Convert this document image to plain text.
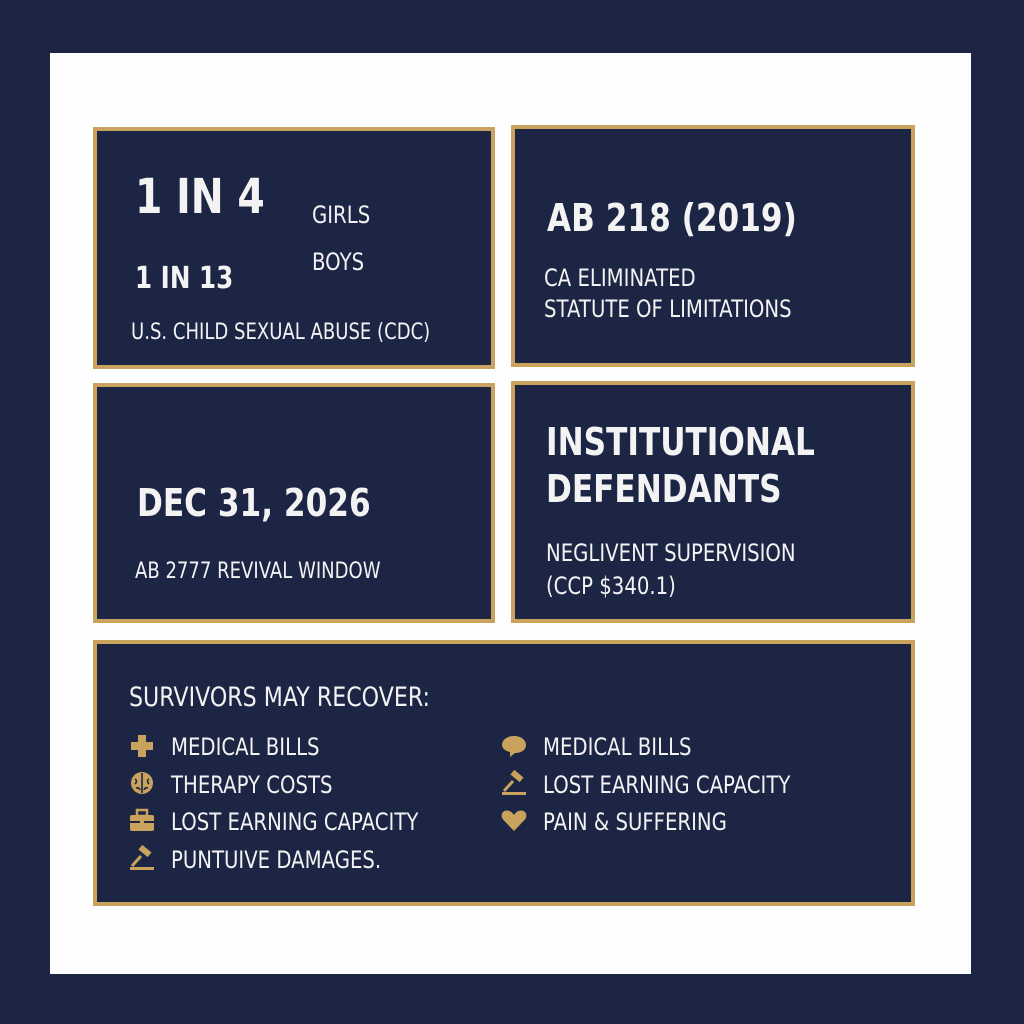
1 IN 4 GIRLS
1 IN 13	BOYS
U.S. CHILD SEXUAL ABUSE (CDC)
AB 218 (2019)
CA ELIMINATED
STATUTE OF LIMITATIONS
DEC 31, 2026
AB 2777 REVIVAL WINDOW
INSTITUTIONAL
DEFENDANTS
NEGLIVENT SUPERVISION
(CCP $340.1)
SURVIVORS MAY RECOVER:
MEDICAL BILLS
THERAPY COSTS
LOST EARNING CAPACITY
PUNTUIVE DAMAGES.
MEDICAL BILLS
LOST EARNING CAPACITY
PAIN & SUFFERING
